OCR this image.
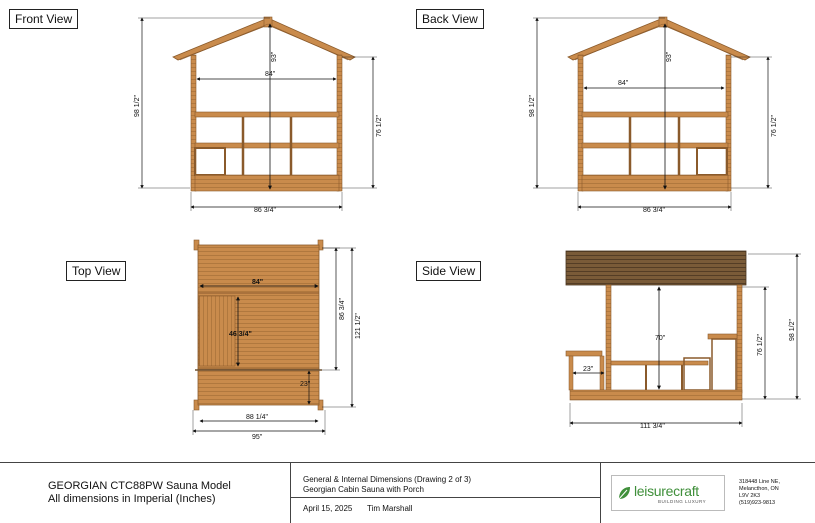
Front View	Back View
Top View	Side View
84"
93"
98 1/2"
76 1/2"
86 3/4"
84"
93"
98 1/2"
76 1/2"
86 3/4"
84"
46 3/4"
23"
86 3/4"
121 1/2"
88 1/4"
95"
70"
23"
76 1/2"
98 1/2"
111 3/4"
GEORGIAN CTC88PW Sauna Model
All dimensions in Imperial (Inches)
General & Internal Dimensions (Drawing 2 of 3)
Georgian Cabin Sauna with Porch
April 15, 2025 Tim Marshall
leisurecraft
BUILDING LUXURY
318448 Line NE,
Melancthon, ON
L9V 2K3
(519)923-9813
